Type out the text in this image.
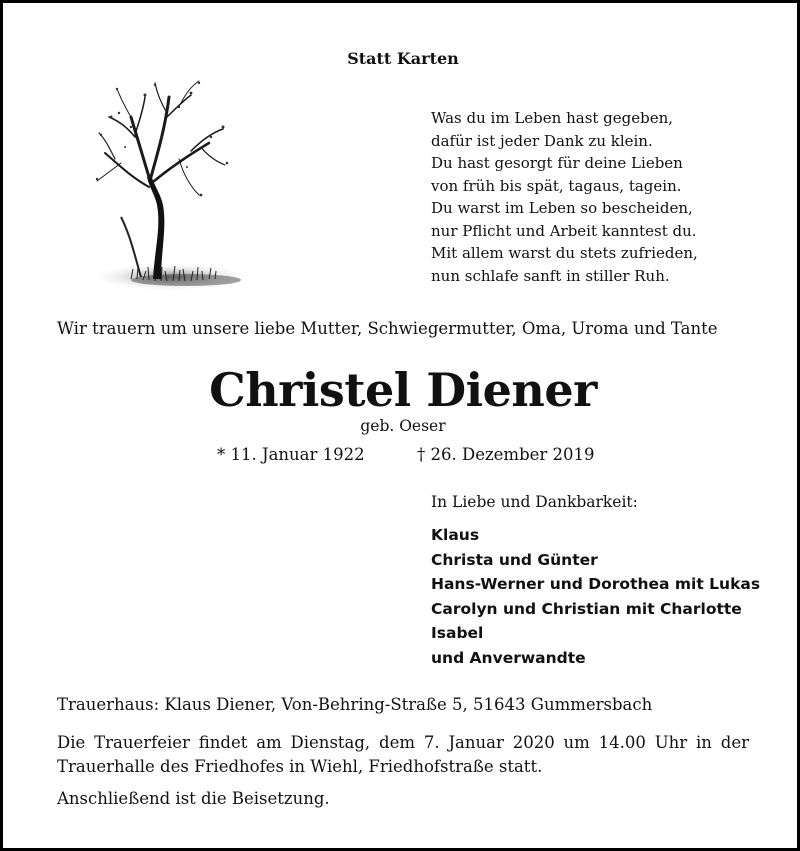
Statt Karten
Was du im Leben hast gegeben,
dafür ist jeder Dank zu klein.
Du hast gesorgt für deine Lieben
von früh bis spät, tagaus, tagein.
Du warst im Leben so bescheiden,
nur Pflicht und Arbeit kanntest du.
Mit allem warst du stets zufrieden,
nun schlafe sanft in stiller Ruh.
Wir trauern um unsere liebe Mutter, Schwiegermutter, Oma, Uroma und Tante
Christel Diener
geb. Oeser
* 11. Januar 1922	† 26. Dezember 2019
In Liebe und Dankbarkeit:
Klaus
Christa und Günter
Hans-Werner und Dorothea mit Lukas
Carolyn und Christian mit Charlotte
Isabel
und Anverwandte
Trauerhaus: Klaus Diener, Von-Behring-Straße 5, 51643 Gummersbach
Die Trauerfeier findet am Dienstag, dem 7. Januar 2020 um 14.00 Uhr in der Trauerhalle des Friedhofes in Wiehl, Friedhofstraße statt.
Anschließend ist die Beisetzung.
